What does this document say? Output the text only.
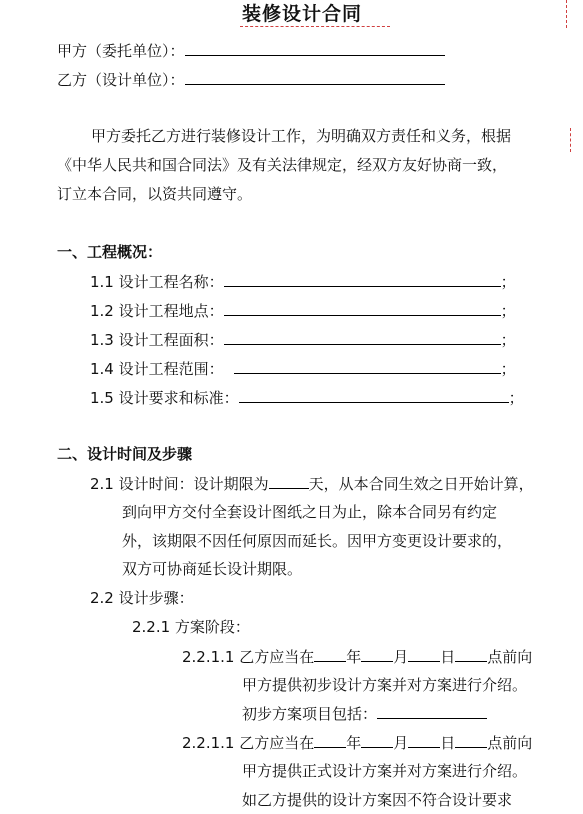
装修设计合同
甲方（委托单位）：
乙方（设计单位）：
甲方委托乙方进行装修设计工作，为明确双方责任和义务，根据
《中华人民共和国合同法》及有关法律规定，经双方友好协商一致，
订立本合同，以资共同遵守。
一、工程概况：
1.1 设计工程名称：	；
1.2 设计工程地点：	；
1.3 设计工程面积：	；
1.4 设计工程范围：	；
1.5 设计要求和标准：	；
二、设计时间及步骤
2.1 设计时间：设计期限为	天，从本合同生效之日开始计算，
到向甲方交付全套设计图纸之日为止，除本合同另有约定
外，该期限不因任何原因而延长。因甲方变更设计要求的，
双方可协商延长设计期限。
2.2 设计步骤：
2.2.1 方案阶段：
2.2.1.1 乙方应当在 年 月 日 点前向
甲方提供初步设计方案并对方案进行介绍。
初步方案项目包括：
2.2.1.1 乙方应当在 年 月 日 点前向
甲方提供正式设计方案并对方案进行介绍。
如乙方提供的设计方案因不符合设计要求
